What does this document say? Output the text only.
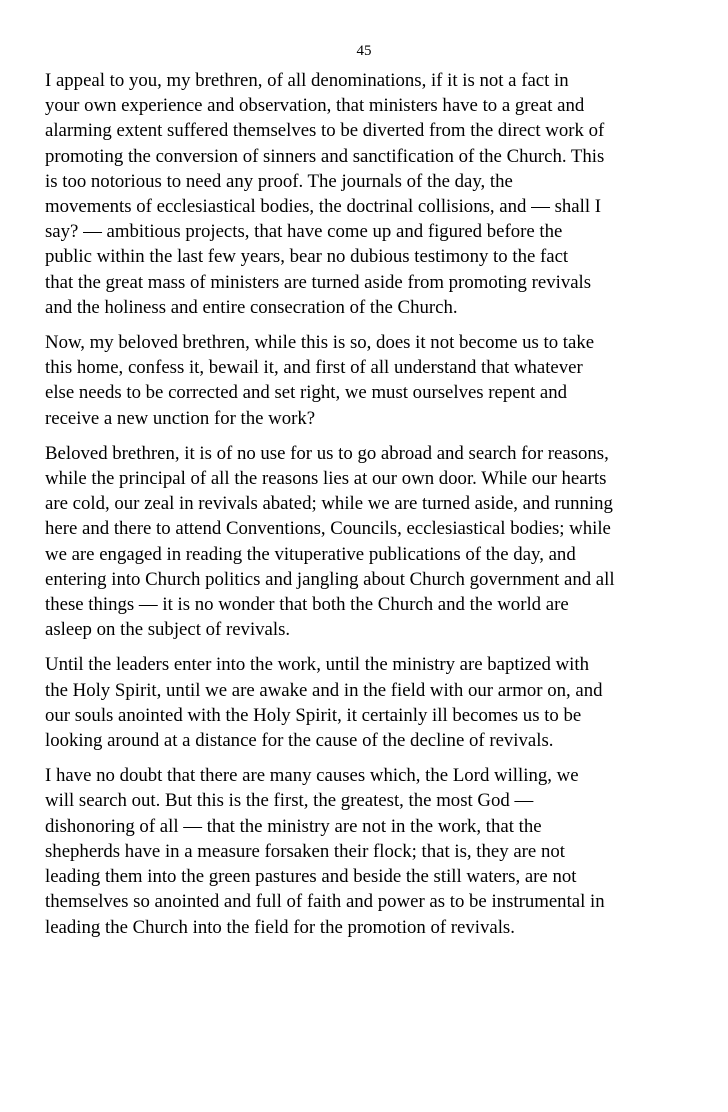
45

I appeal to you, my brethren, of all denominations, if it is not a fact in
your own experience and observation, that ministers have to a great and
alarming extent suffered themselves to be diverted from the direct work of
promoting the conversion of sinners and sanctification of the Church. This
is too notorious to need any proof. The journals of the day, the
movements of ecclesiastical bodies, the doctrinal collisions, and — shall I
say? — ambitious projects, that have come up and figured before the
public within the last few years, bear no dubious testimony to the fact
that the great mass of ministers are turned aside from promoting revivals
and the holiness and entire consecration of the Church.

Now, my beloved brethren, while this is so, does it not become us to take
this home, confess it, bewail it, and first of all understand that whatever
else needs to be corrected and set right, we must ourselves repent and
receive a new unction for the work?

Beloved brethren, it is of no use for us to go abroad and search for reasons,
while the principal of all the reasons lies at our own door. While our hearts
are cold, our zeal in revivals abated; while we are turned aside, and running
here and there to attend Conventions, Councils, ecclesiastical bodies; while
we are engaged in reading the vituperative publications of the day, and
entering into Church politics and jangling about Church government and all
these things — it is no wonder that both the Church and the world are
asleep on the subject of revivals.

Until the leaders enter into the work, until the ministry are baptized with
the Holy Spirit, until we are awake and in the field with our armor on, and
our souls anointed with the Holy Spirit, it certainly ill becomes us to be
looking around at a distance for the cause of the decline of revivals.

I have no doubt that there are many causes which, the Lord willing, we
will search out. But this is the first, the greatest, the most God —
dishonoring of all — that the ministry are not in the work, that the
shepherds have in a measure forsaken their flock; that is, they are not
leading them into the green pastures and beside the still waters, are not
themselves so anointed and full of faith and power as to be instrumental in
leading the Church into the field for the promotion of revivals.
